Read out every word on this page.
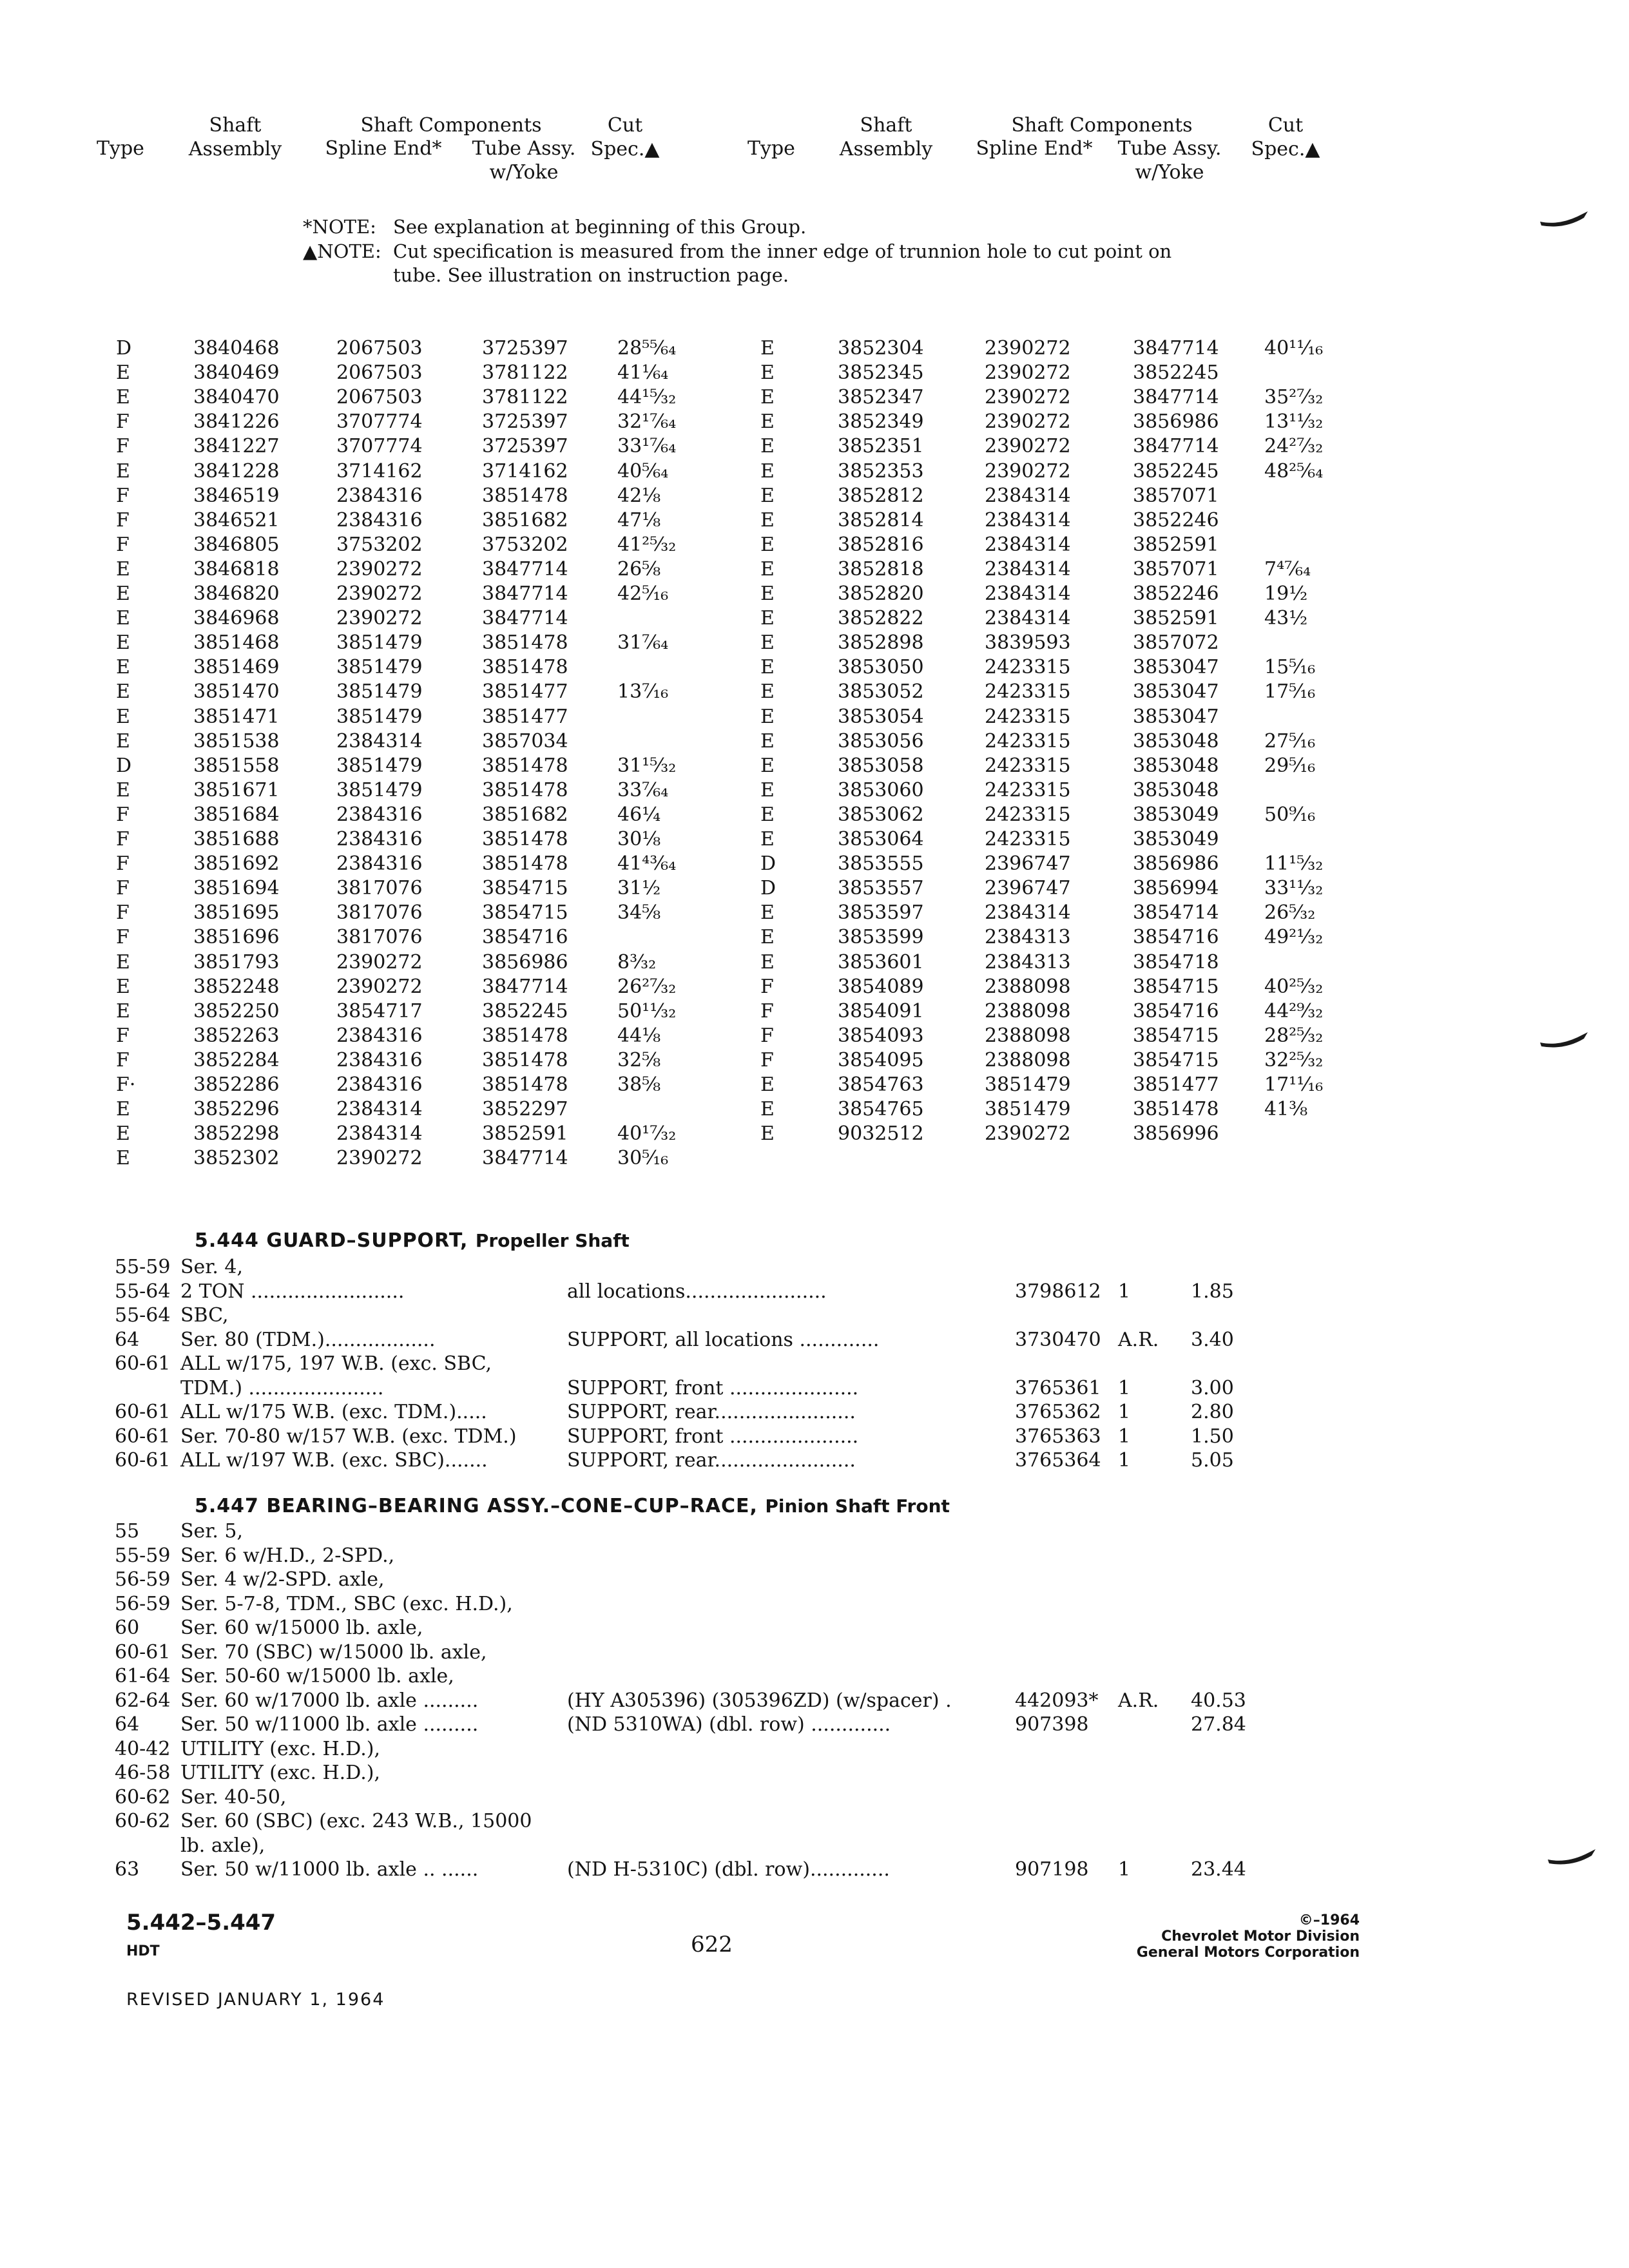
Type
Shaft
Assembly
Shaft Components
Spline End*	Tube Assy.
w/Yoke
Cut
Spec.▲	Type
Shaft
Assembly
Shaft Components
Spline End*	Tube Assy.
w/Yoke
Cut
Spec.▲
*NOTE: See explanation at beginning of this Group.
▲NOTE: Cut specification is measured from the inner edge of trunnion hole to cut point on
tube. See illustration on instruction page.
D	3840468	2067503	3725397	28⁵⁵⁄₆₄
E	3840469	2067503	3781122	41¹⁄₆₄
E	3840470	2067503	3781122	44¹⁵⁄₃₂
F	3841226	3707774	3725397	32¹⁷⁄₆₄
F	3841227	3707774	3725397	33¹⁷⁄₆₄
E	3841228	3714162	3714162	40⁵⁄₆₄
F	3846519	2384316	3851478	42⅛
F	3846521	2384316	3851682	47⅛
F	3846805	3753202	3753202	41²⁵⁄₃₂
E	3846818	2390272	3847714	26⅝
E	3846820	2390272	3847714	42⁵⁄₁₆
E	3846968	2390272	3847714
E	3851468	3851479	3851478	31⁷⁄₆₄
E	3851469	3851479	3851478
E	3851470	3851479	3851477	13⁷⁄₁₆
E	3851471	3851479	3851477
E	3851538	2384314	3857034
D	3851558	3851479	3851478	31¹⁵⁄₃₂
E	3851671	3851479	3851478	33⁷⁄₆₄
F	3851684	2384316	3851682	46¼
F	3851688	2384316	3851478	30⅛
F	3851692	2384316	3851478	41⁴³⁄₆₄
F	3851694	3817076	3854715	31½
F	3851695	3817076	3854715	34⅝
F	3851696	3817076	3854716
E	3851793	2390272	3856986	8³⁄₃₂
E	3852248	2390272	3847714	26²⁷⁄₃₂
E	3852250	3854717	3852245	50¹¹⁄₃₂
F	3852263	2384316	3851478	44⅛
F	3852284	2384316	3851478	32⅝
F·	3852286	2384316	3851478	38⅝
E	3852296	2384314	3852297
E	3852298	2384314	3852591	40¹⁷⁄₃₂
E	3852302	2390272	3847714	30⁵⁄₁₆
E	3852304	2390272	3847714 40¹¹⁄₁₆
E	3852345	2390272	3852245
E	3852347	2390272	3847714 35²⁷⁄₃₂
E	3852349	2390272	3856986 13¹¹⁄₃₂
E	3852351	2390272	3847714 24²⁷⁄₃₂
E	3852353	2390272	3852245 48²⁵⁄₆₄
E	3852812	2384314	3857071
E	3852814	2384314	3852246
E	3852816	2384314	3852591
E	3852818	2384314	3857071 7⁴⁷⁄₆₄
E	3852820	2384314	3852246 19½
E	3852822	2384314	3852591 43½
E	3852898	3839593	3857072
E	3853050	2423315	3853047 15⁵⁄₁₆
E	3853052	2423315	3853047 17⁵⁄₁₆
E	3853054	2423315	3853047
E	3853056	2423315	3853048 27⁵⁄₁₆
E	3853058	2423315	3853048 29⁵⁄₁₆
E	3853060	2423315	3853048
E	3853062	2423315	3853049 50⁹⁄₁₆
E	3853064	2423315	3853049
D	3853555	2396747	3856986 11¹⁵⁄₃₂
D	3853557	2396747	3856994 33¹¹⁄₃₂
E	3853597	2384314	3854714 26⁵⁄₃₂
E	3853599	2384313	3854716 49²¹⁄₃₂
E	3853601	2384313	3854718
F	3854089	2388098	3854715 40²⁵⁄₃₂
F	3854091	2388098	3854716 44²⁹⁄₃₂
F	3854093	2388098	3854715 28²⁵⁄₃₂
F	3854095	2388098	3854715 32²⁵⁄₃₂
E	3854763	3851479	3851477 17¹¹⁄₁₆
E	3854765	3851479	3851478 41⅜
E	9032512	2390272	3856996
5.444 GUARD–SUPPORT, Propeller Shaft
55-59 Ser. 4,
55-64 2 TON .........................	all locations.......................	3798612 1	1.85
55-64 SBC,
64 Ser. 80 (TDM.)..................	SUPPORT, all locations .............	3730470 A.R. 3.40
60-61 ALL w/175, 197 W.B. (exc. SBC,
TDM.) ......................	SUPPORT, front .....................	3765361 1	3.00
60-61 ALL w/175 W.B. (exc. TDM.).....	SUPPORT, rear.......................	3765362 1	2.80
60-61 Ser. 70-80 w/157 W.B. (exc. TDM.)	SUPPORT, front .....................	3765363 1	1.50
60-61 ALL w/197 W.B. (exc. SBC).......	SUPPORT, rear.......................	3765364 1	5.05
5.447 BEARING–BEARING ASSY.–CONE–CUP–RACE, Pinion Shaft Front
55 Ser. 5,
55-59 Ser. 6 w/H.D., 2-SPD.,
56-59 Ser. 4 w/2-SPD. axle,
56-59 Ser. 5-7-8, TDM., SBC (exc. H.D.),
60 Ser. 60 w/15000 lb. axle,
60-61 Ser. 70 (SBC) w/15000 lb. axle,
61-64 Ser. 50-60 w/15000 lb. axle,
62-64 Ser. 60 w/17000 lb. axle .........	(HY A305396) (305396ZD) (w/spacer) .	442093* A.R. 40.53
64 Ser. 50 w/11000 lb. axle .........	(ND 5310WA) (dbl. row) .............	907398	27.84
40-42 UTILITY (exc. H.D.),
46-58 UTILITY (exc. H.D.),
60-62 Ser. 40-50,
60-62 Ser. 60 (SBC) (exc. 243 W.B., 15000
lb. axle),
63 Ser. 50 w/11000 lb. axle .. ......	(ND H-5310C) (dbl. row).............	907198 1	23.44
5.442–5.447
HDT	622
©–1964
Chevrolet Motor Division
General Motors Corporation
REVISED JANUARY 1, 1964
